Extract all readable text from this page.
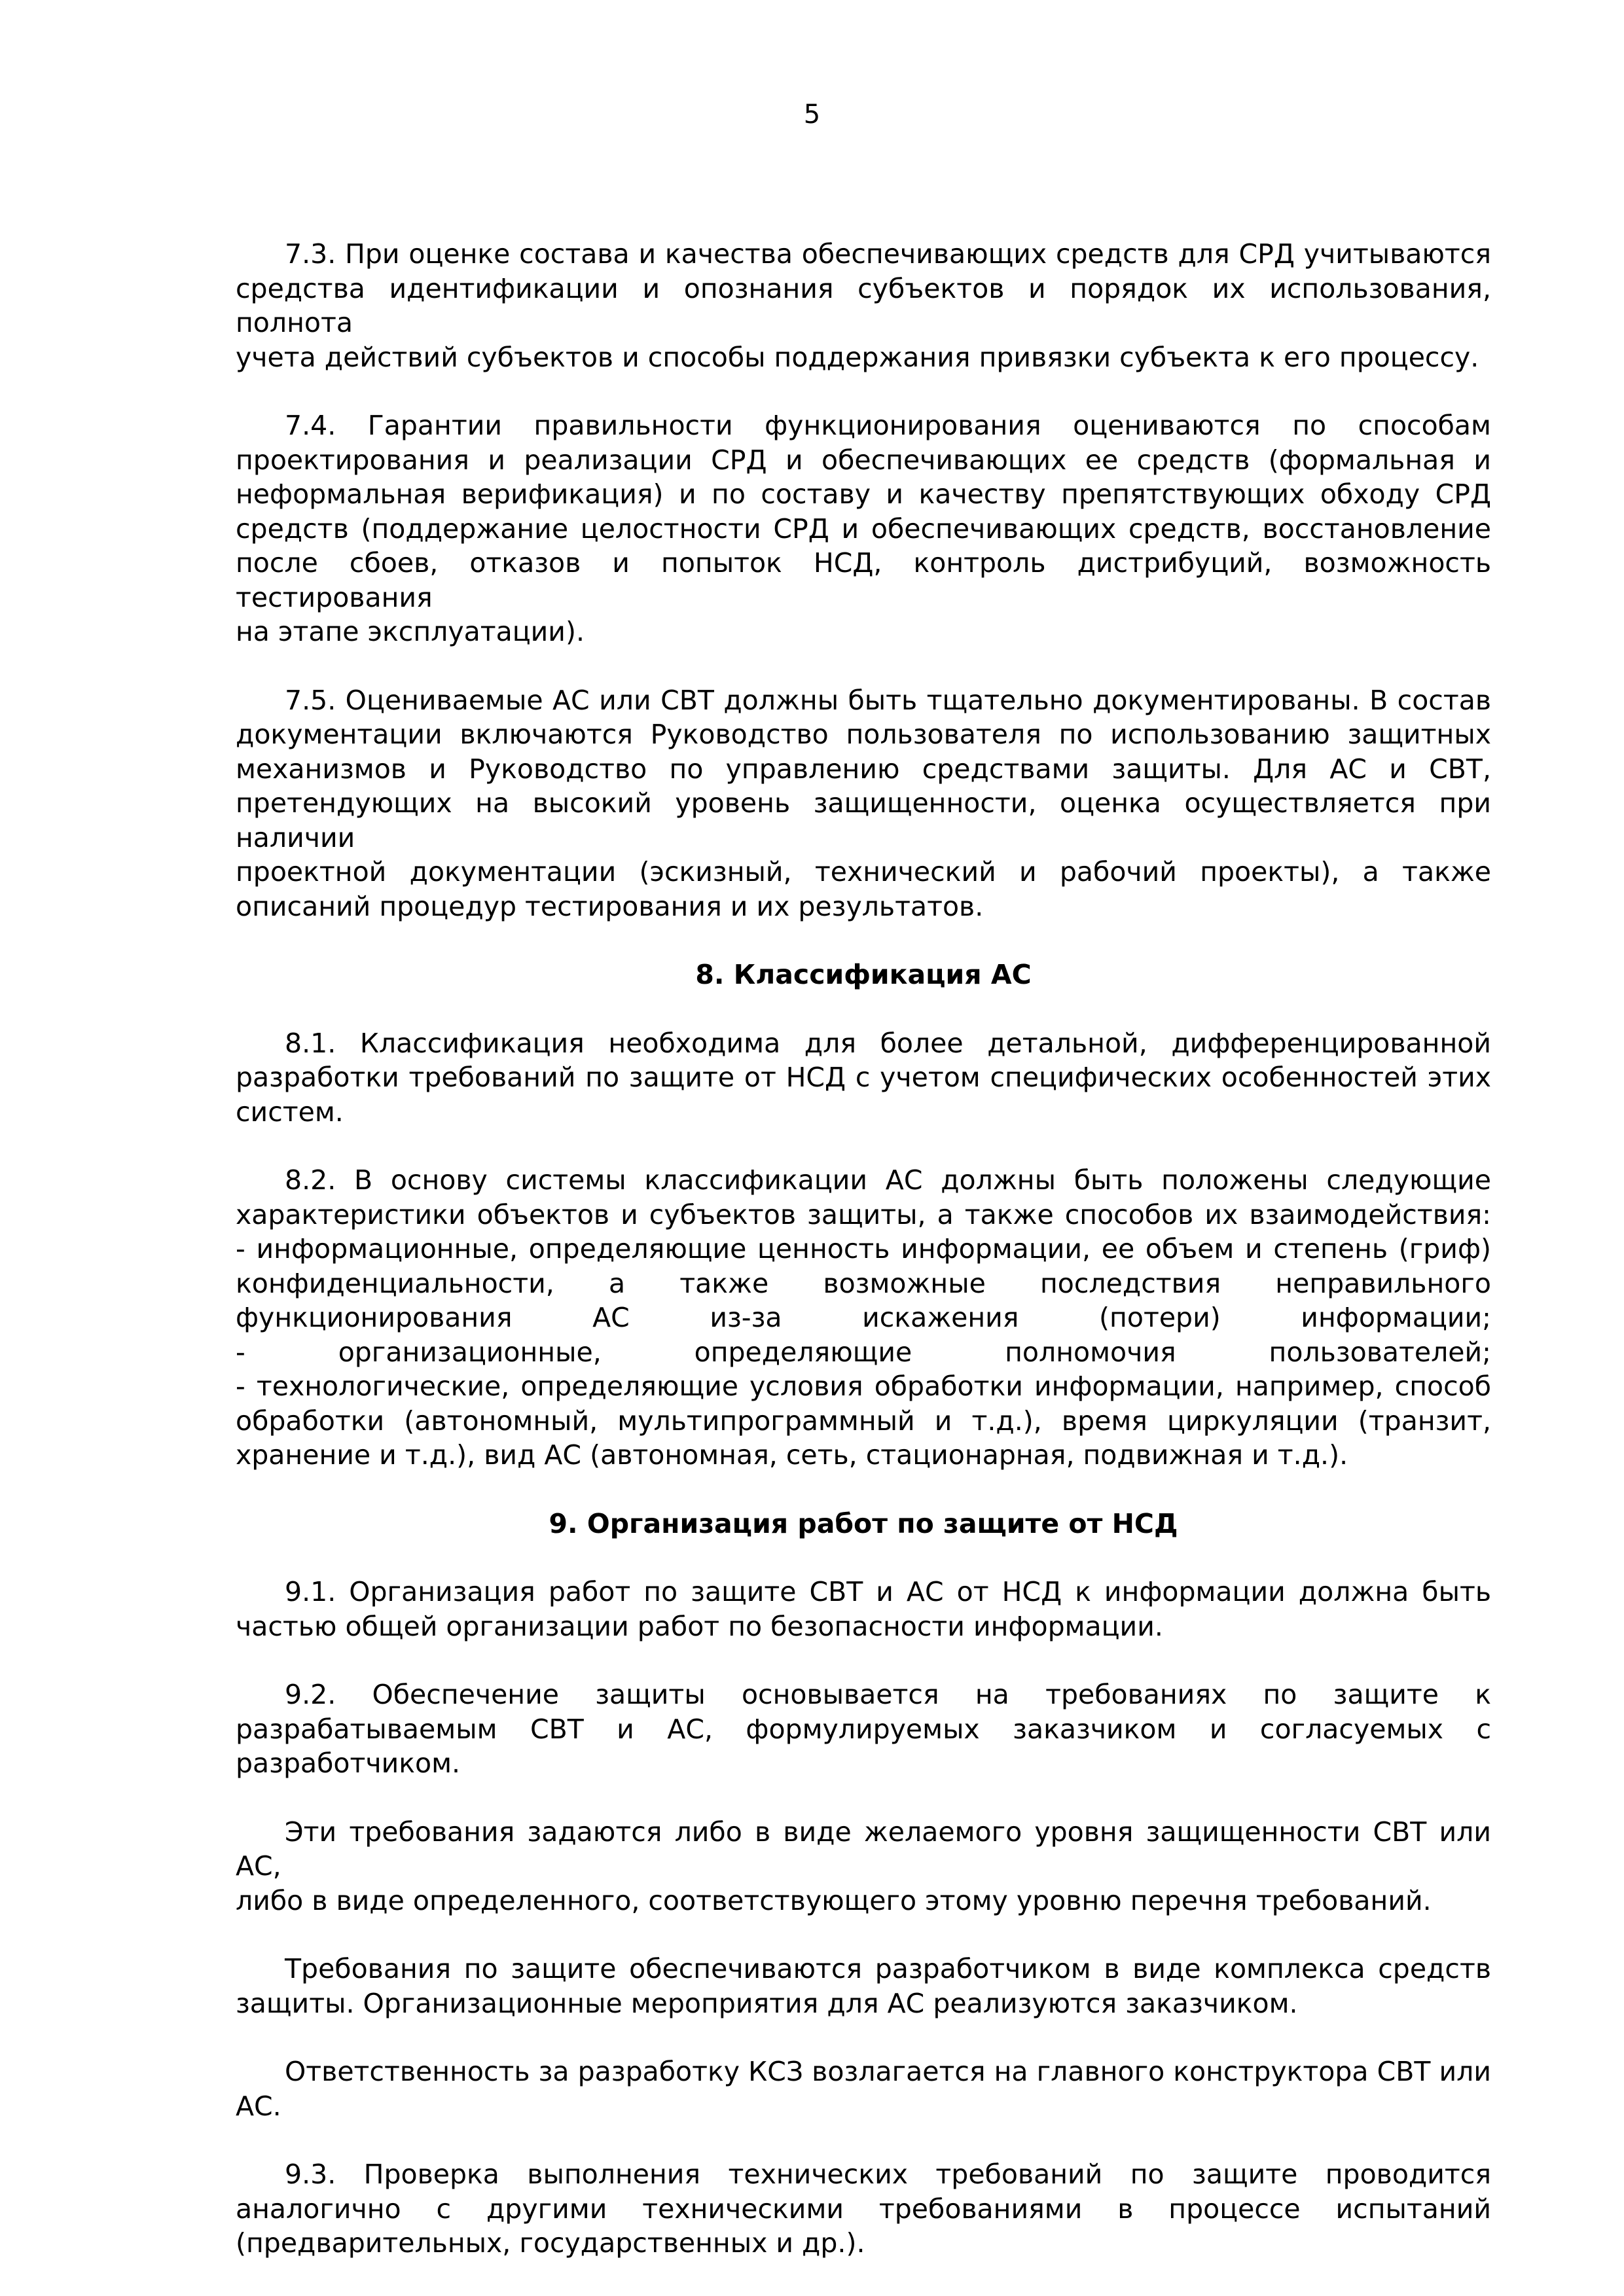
5
7.3. При оценке состава и качества обеспечивающих средств для СРД учитываются
средства идентификации и опознания субъектов и порядок их использования, полнота
учета действий субъектов и способы поддержания привязки субъекта к его процессу.
7.4. Гарантии правильности функционирования оцениваются по способам
проектирования и реализации СРД и обеспечивающих ее средств (формальная и
неформальная верификация) и по составу и качеству препятствующих обходу СРД
средств (поддержание целостности СРД и обеспечивающих средств, восстановление
после сбоев, отказов и попыток НСД, контроль дистрибуций, возможность тестирования
на этапе эксплуатации).
7.5. Оцениваемые АС или СВТ должны быть тщательно документированы. В состав
документации включаются Руководство пользователя по использованию защитных
механизмов и Руководство по управлению средствами защиты. Для АС и СВТ,
претендующих на высокий уровень защищенности, оценка осуществляется при наличии
проектной документации (эскизный, технический и рабочий проекты), а также
описаний процедур тестирования и их результатов.
8. Классификация АС
8.1. Классификация необходима для более детальной, дифференцированной
разработки требований по защите от НСД с учетом специфических особенностей этих
систем.
8.2. В основу системы классификации АС должны быть положены следующие
характеристики объектов и субъектов защиты, а также способов их взаимодействия:
- информационные, определяющие ценность информации, ее объем и степень (гриф)
конфиденциальности, а также возможные последствия неправильного
функционирования АС из-за искажения (потери) информации;
- организационные, определяющие полномочия пользователей;
- технологические, определяющие условия обработки информации, например, способ
обработки (автономный, мультипрограммный и т.д.), время циркуляции (транзит,
хранение и т.д.), вид АС (автономная, сеть, стационарная, подвижная и т.д.).
9. Организация работ по защите от НСД
9.1. Организация работ по защите СВТ и АС от НСД к информации должна быть
частью общей организации работ по безопасности информации.
9.2. Обеспечение защиты основывается на требованиях по защите к
разрабатываемым СВТ и АС, формулируемых заказчиком и согласуемых с
разработчиком.
Эти требования задаются либо в виде желаемого уровня защищенности СВТ или АС,
либо в виде определенного, соответствующего этому уровню перечня требований.
Требования по защите обеспечиваются разработчиком в виде комплекса средств
защиты. Организационные мероприятия для АС реализуются заказчиком.
Ответственность за разработку КСЗ возлагается на главного конструктора СВТ или
АС.
9.3. Проверка выполнения технических требований по защите проводится
аналогично с другими техническими требованиями в процессе испытаний
(предварительных, государственных и др.).
